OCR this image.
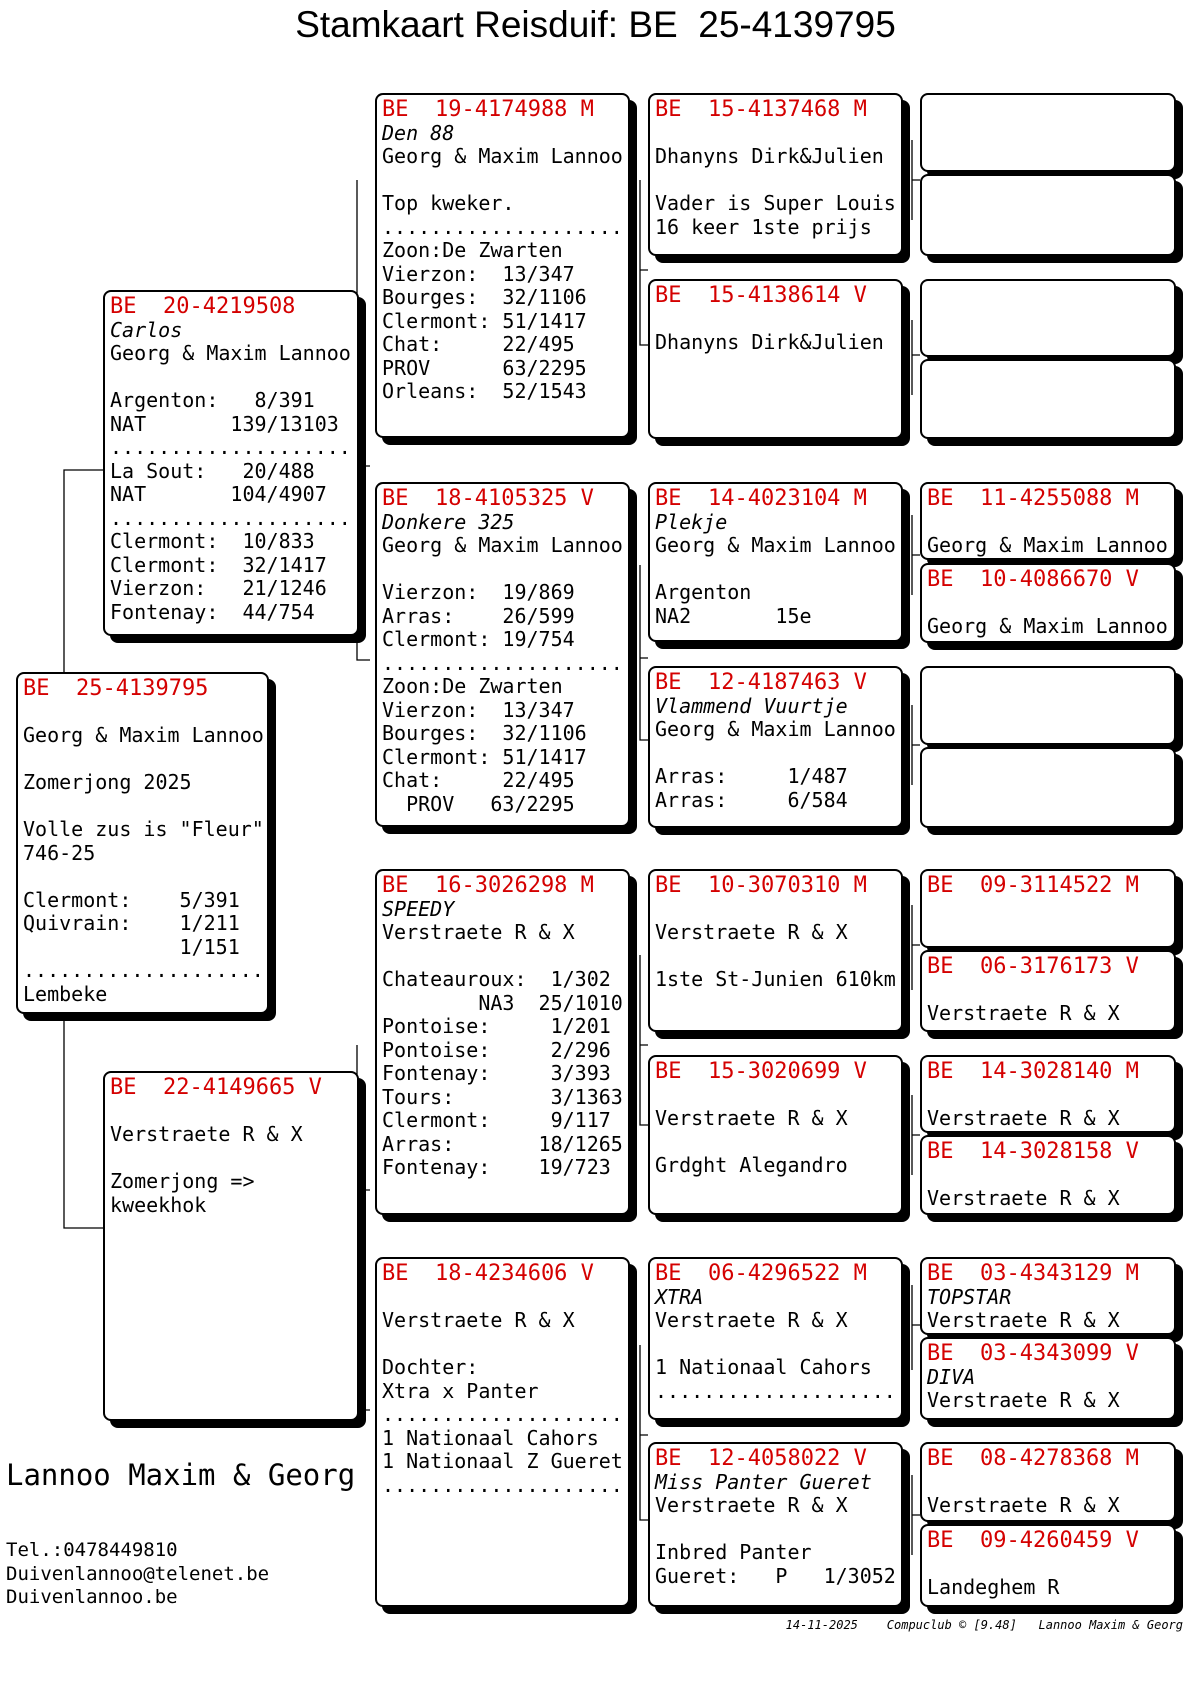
Stamkaart Reisduif: BE  25-4139795
BE  25-4139795
Georg & Maxim Lannoo
Zomerjong 2025
Volle zus is "Fleur"
746-25
Clermont:    5/391
Quivrain:    1/211
1/151
....................
Lembeke
BE  20-4219508
Carlos
Georg & Maxim Lannoo
Argenton:   8/391
NAT       139/13103
....................
La Sout:   20/488
NAT       104/4907
....................
Clermont:  10/833
Clermont:  32/1417
Vierzon:   21/1246
Fontenay:  44/754
BE  22-4149665 V
Verstraete R & X
Zomerjong =>
kweekhok
BE  19-4174988 M
Den 88
Georg & Maxim Lannoo
Top kweker.
....................
Zoon:De Zwarten
Vierzon:  13/347
Bourges:  32/1106
Clermont: 51/1417
Chat:     22/495
PROV      63/2295
Orleans:  52/1543
BE  18-4105325 V
Donkere 325
Georg & Maxim Lannoo
Vierzon:  19/869
Arras:    26/599
Clermont: 19/754
....................
Zoon:De Zwarten
Vierzon:  13/347
Bourges:  32/1106
Clermont: 51/1417
Chat:     22/495
PROV   63/2295
BE  16-3026298 M
SPEEDY
Verstraete R & X
Chateauroux:  1/302
NA3  25/1010
Pontoise:     1/201
Pontoise:     2/296
Fontenay:     3/393
Tours:        3/1363
Clermont:     9/117
Arras:       18/1265
Fontenay:    19/723
BE  18-4234606 V
Verstraete R & X
Dochter:
Xtra x Panter
....................
1 Nationaal Cahors
1 Nationaal Z Gueret
....................
BE  15-4137468 M
Dhanyns Dirk&Julien
Vader is Super Louis
16 keer 1ste prijs
BE  15-4138614 V
Dhanyns Dirk&Julien
BE  14-4023104 M
Plekje
Georg & Maxim Lannoo
Argenton
NA2       15e
BE  12-4187463 V
Vlammend Vuurtje
Georg & Maxim Lannoo
Arras:     1/487
Arras:     6/584
BE  10-3070310 M
Verstraete R & X
1ste St-Junien 610km
BE  15-3020699 V
Verstraete R & X
Grdght Alegandro
BE  06-4296522 M
XTRA
Verstraete R & X
1 Nationaal Cahors
....................
BE  12-4058022 V
Miss Panter Gueret
Verstraete R & X
Inbred Panter
Gueret:   P   1/3052
BE  11-4255088 M
Georg & Maxim Lannoo
BE  10-4086670 V
Georg & Maxim Lannoo
BE  09-3114522 M
BE  06-3176173 V
Verstraete R & X
BE  14-3028140 M
Verstraete R & X
BE  14-3028158 V
Verstraete R & X
BE  03-4343129 M
TOPSTAR
Verstraete R & X
BE  03-4343099 V
DIVA
Verstraete R & X
BE  08-4278368 M
Verstraete R & X
BE  09-4260459 V
Landeghem R
Lannoo Maxim & Georg
Tel.:0478449810
Duivenlannoo@telenet.be
Duivenlannoo.be
14-11-2025    Compuclub © [9.48]   Lannoo Maxim & Georg
